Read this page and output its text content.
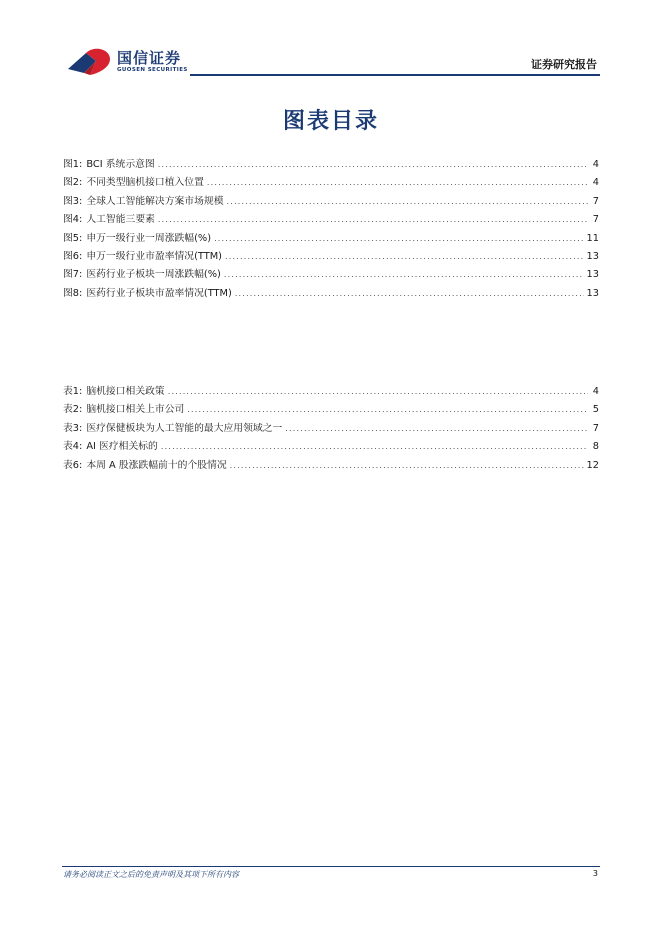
国信证券
GUOSEN SECURITIES	证券研究报告
图表目录
图1: BCI 系统示意图 .....	4
图2: 不同类型脑机接口植入位置 .....	4
图3: 全球人工智能解决方案市场规模 .....	7
图4: 人工智能三要素 .....	7
图5: 申万一级行业一周涨跌幅(%) .....	11
图6: 申万一级行业市盈率情况(TTM) .....	13
图7: 医药行业子板块一周涨跌幅(%) .....	13
图8: 医药行业子板块市盈率情况(TTM) .....	13
表1: 脑机接口相关政策 .....	4
表2: 脑机接口相关上市公司 .....	5
表3: 医疗保健板块为人工智能的最大应用领域之一 .....	7
表4: AI 医疗相关标的 .....	8
表6: 本周 A 股涨跌幅前十的个股情况 .....	12
请务必阅读正文之后的免责声明及其项下所有内容	3
